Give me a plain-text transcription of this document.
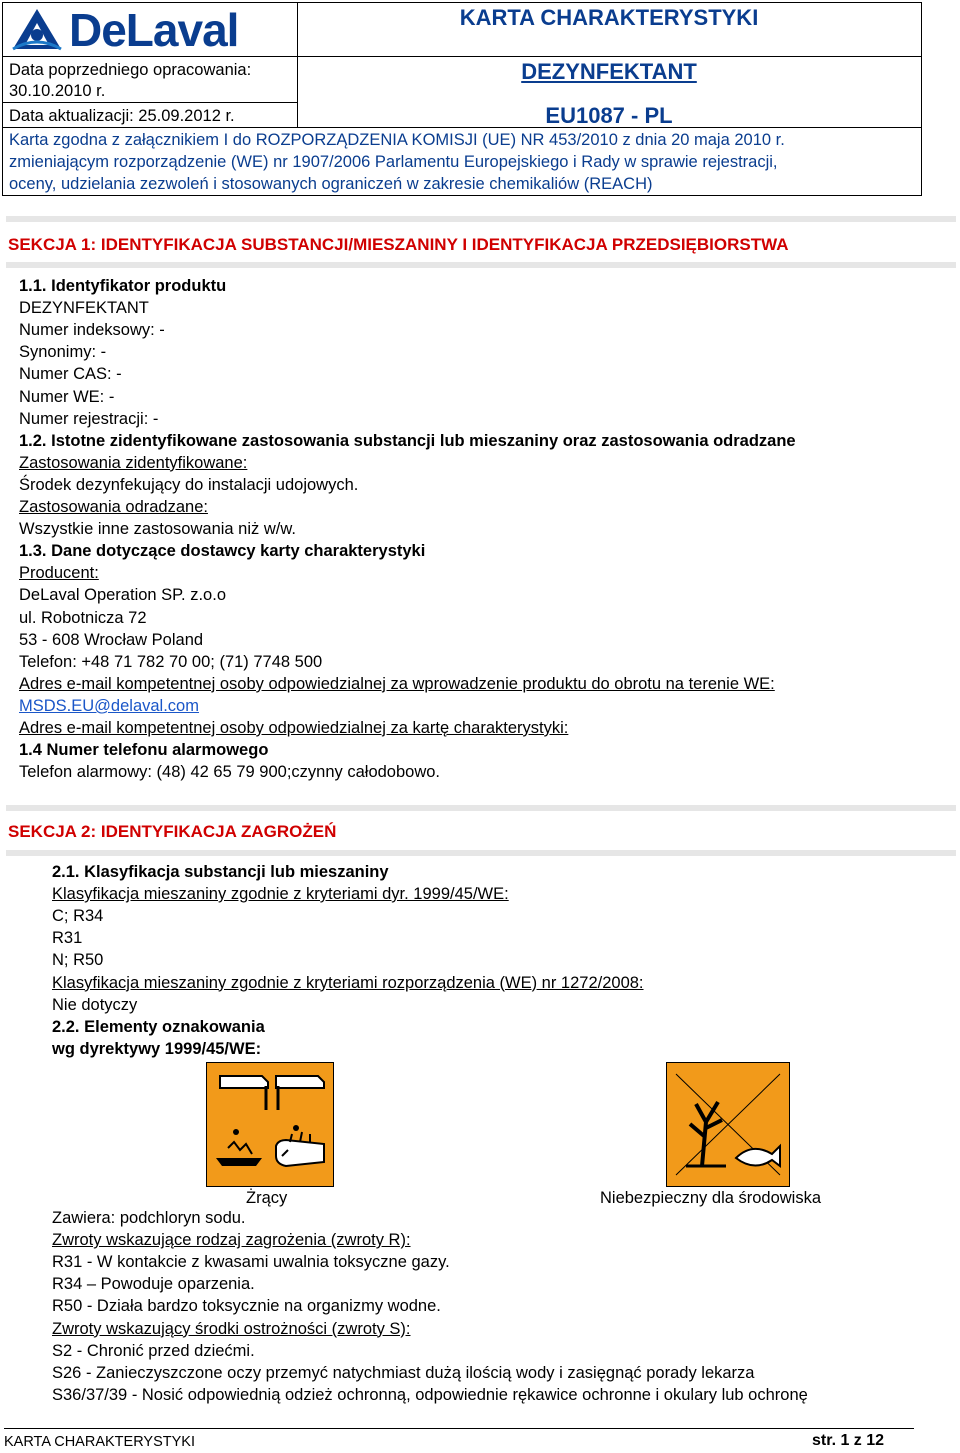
DeLaval	KARTA CHARAKTERYSTYKI
Data poprzedniego opracowania:
30.10.2010 r.
Data aktualizacji: 25.09.2012 r.
DEZYNFEKTANT
EU1087 - PL
Karta zgodna z załącznikiem I do ROZPORZĄDZENIA KOMISJI (UE) NR 453/2010 z dnia 20 maja 2010 r.
zmieniającym rozporządzenie (WE) nr 1907/2006 Parlamentu Europejskiego i Rady w sprawie rejestracji,
oceny, udzielania zezwoleń i stosowanych ograniczeń w zakresie chemikaliów (REACH)
SEKCJA 1: IDENTYFIKACJA SUBSTANCJI/MIESZANINY I IDENTYFIKACJA PRZEDSIĘBIORSTWA
1.1. Identyfikator produktu
DEZYNFEKTANT
Numer indeksowy: -
Synonimy: -
Numer CAS: -
Numer WE: -
Numer rejestracji: -
1.2. Istotne zidentyfikowane zastosowania substancji lub mieszaniny oraz zastosowania odradzane
Zastosowania zidentyfikowane:
Środek dezynfekujący do instalacji udojowych.
Zastosowania odradzane:
Wszystkie inne zastosowania niż w/w.
1.3. Dane dotyczące dostawcy karty charakterystyki
Producent:
DeLaval Operation SP. z.o.o
ul. Robotnicza 72
53 - 608 Wrocław Poland
Telefon: +48 71 782 70 00; (71) 7748 500
Adres e-mail kompetentnej osoby odpowiedzialnej za wprowadzenie produktu do obrotu na terenie WE:
MSDS.EU@delaval.com
Adres e-mail kompetentnej osoby odpowiedzialnej za kartę charakterystyki:
1.4 Numer telefonu alarmowego
Telefon alarmowy: (48) 42 65 79 900;czynny całodobowo.
SEKCJA 2: IDENTYFIKACJA ZAGROŻEŃ
2.1. Klasyfikacja substancji lub mieszaniny
Klasyfikacja mieszaniny zgodnie z kryteriami dyr. 1999/45/WE:
C; R34
R31
N; R50
Klasyfikacja mieszaniny zgodnie z kryteriami rozporządzenia (WE) nr 1272/2008:
Nie dotyczy
2.2. Elementy oznakowania
wg dyrektywy 1999/45/WE:
Żrący	Niebezpieczny dla środowiska
Zawiera: podchloryn sodu.
Zwroty wskazujące rodzaj zagrożenia (zwroty R):
R31 - W kontakcie z kwasami uwalnia toksyczne gazy.
R34 – Powoduje oparzenia.
R50 - Działa bardzo toksycznie na organizmy wodne.
Zwroty wskazujący środki ostrożności (zwroty S):
S2 - Chronić przed dziećmi.
S26 - Zanieczyszczone oczy przemyć natychmiast dużą ilością wody i zasięgnąć porady lekarza
S36/37/39 - Nosić odpowiednią odzież ochronną, odpowiednie rękawice ochronne i okulary lub ochronę
KARTA CHARAKTERYSTYKI	str. 1 z 12
